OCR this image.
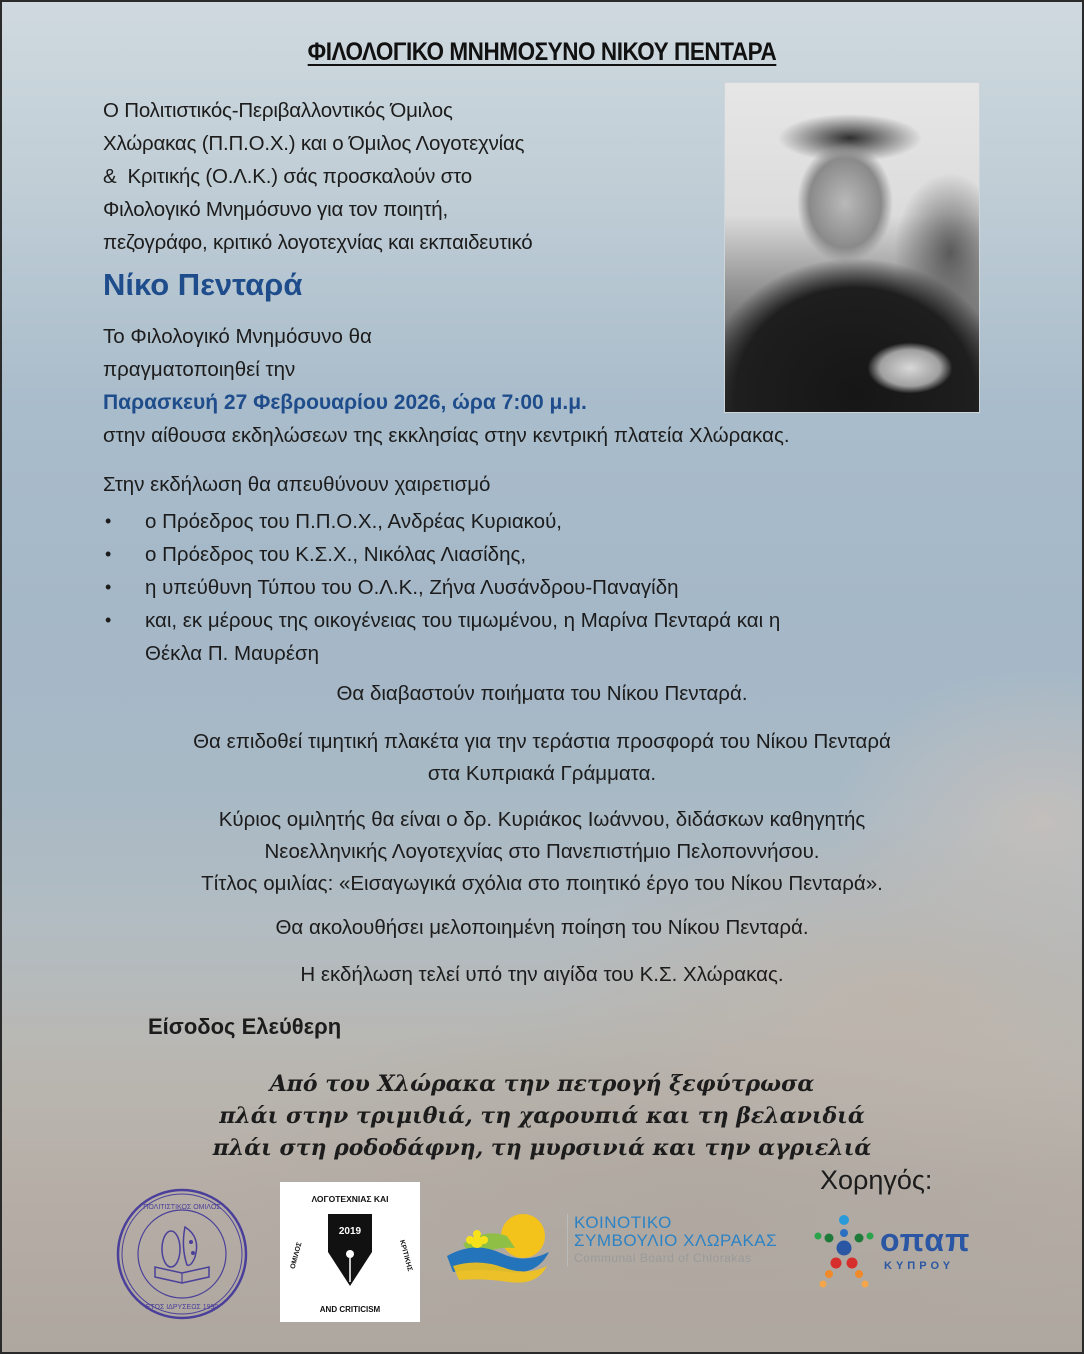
ΦΙΛΟΛΟΓΙΚΟ ΜΝΗΜΟΣΥΝΟ ΝΙΚΟΥ ΠΕΝΤΑΡΑ

Ο Πολιτιστικός-Περιβαλλοντικός Όμιλος

Χλώρακας (Π.Π.Ο.Χ.) και ο Όμιλος Λογοτεχνίας

&  Κριτικής (Ο.Λ.Κ.) σάς προσκαλούν στο

Φιλολογικό Μνημόσυνο για τον ποιητή,

πεζογράφο, κριτικό λογοτεχνίας και εκπαιδευτικό

Νίκο Πενταρά

Το Φιλολογικό Μνημόσυνο θα

πραγματοποιηθεί την

Παρασκευή 27 Φεβρουαρίου 2026, ώρα 7:00 μ.μ.

στην αίθουσα εκδηλώσεων της εκκλησίας στην κεντρική πλατεία Χλώρακας.

Στην εκδήλωση θα απευθύνουν χαιρετισμό

• ο Πρόεδρος του Π.Π.Ο.Χ., Ανδρέας Κυριακού,
• ο Πρόεδρος του Κ.Σ.Χ., Νικόλας Λιασίδης,
• η υπεύθυνη Τύπου του Ο.Λ.Κ., Ζήνα Λυσάνδρου-Παναγίδη
• και, εκ μέρους της οικογένειας του τιμωμένου, η Μαρίνα Πενταρά και η
Θέκλα Π. Μαυρέση

Θα διαβαστούν ποιήματα του Νίκου Πενταρά.

Θα επιδοθεί τιμητική πλακέτα για την τεράστια προσφορά του Νίκου Πενταρά

στα Κυπριακά Γράμματα.

Κύριος ομιλητής θα είναι ο δρ. Κυριάκος Ιωάννου, διδάσκων καθηγητής

Νεοελληνικής Λογοτεχνίας στο Πανεπιστήμιο Πελοποννήσου.

Τίτλος ομιλίας: «Εισαγωγικά σχόλια στο ποιητικό έργο του Νίκου Πενταρά».

Θα ακολουθήσει μελοποιημένη ποίηση του Νίκου Πενταρά.

Η εκδήλωση τελεί υπό την αιγίδα του Κ.Σ. Χλώρακας.

Είσοδος Ελεύθερη

Από του Χλώρακα την πετρογή ξεφύτρωσα

πλάι στην τριμιθιά, τη χαρουπιά και τη βελανιδιά

πλάι στη ροδοδάφνη, τη μυρσινιά και την αγριελιά

Χορηγός:
ΠΟΛΙΤΙΣΤΙΚΟΣ ΟΜΙΛΟΣ
ΕΤΟΣ ΙΔΡΥΣΕΩΣ 1990
ΛΟΓΟΤΕΧΝΙΑΣ ΚΑΙ
AND CRITICISM
ΟΜΙΛΟΣ	ΚΡΙΤΙΚΗΣ
2019	ΚΟΙΝΟΤΙΚΟ
ΣΥΜΒΟΥΛΙΟ ΧΛΩΡΑΚΑΣ
Communal Board of Chlorakas	οπαπ
ΚΥΠΡΟΥ
